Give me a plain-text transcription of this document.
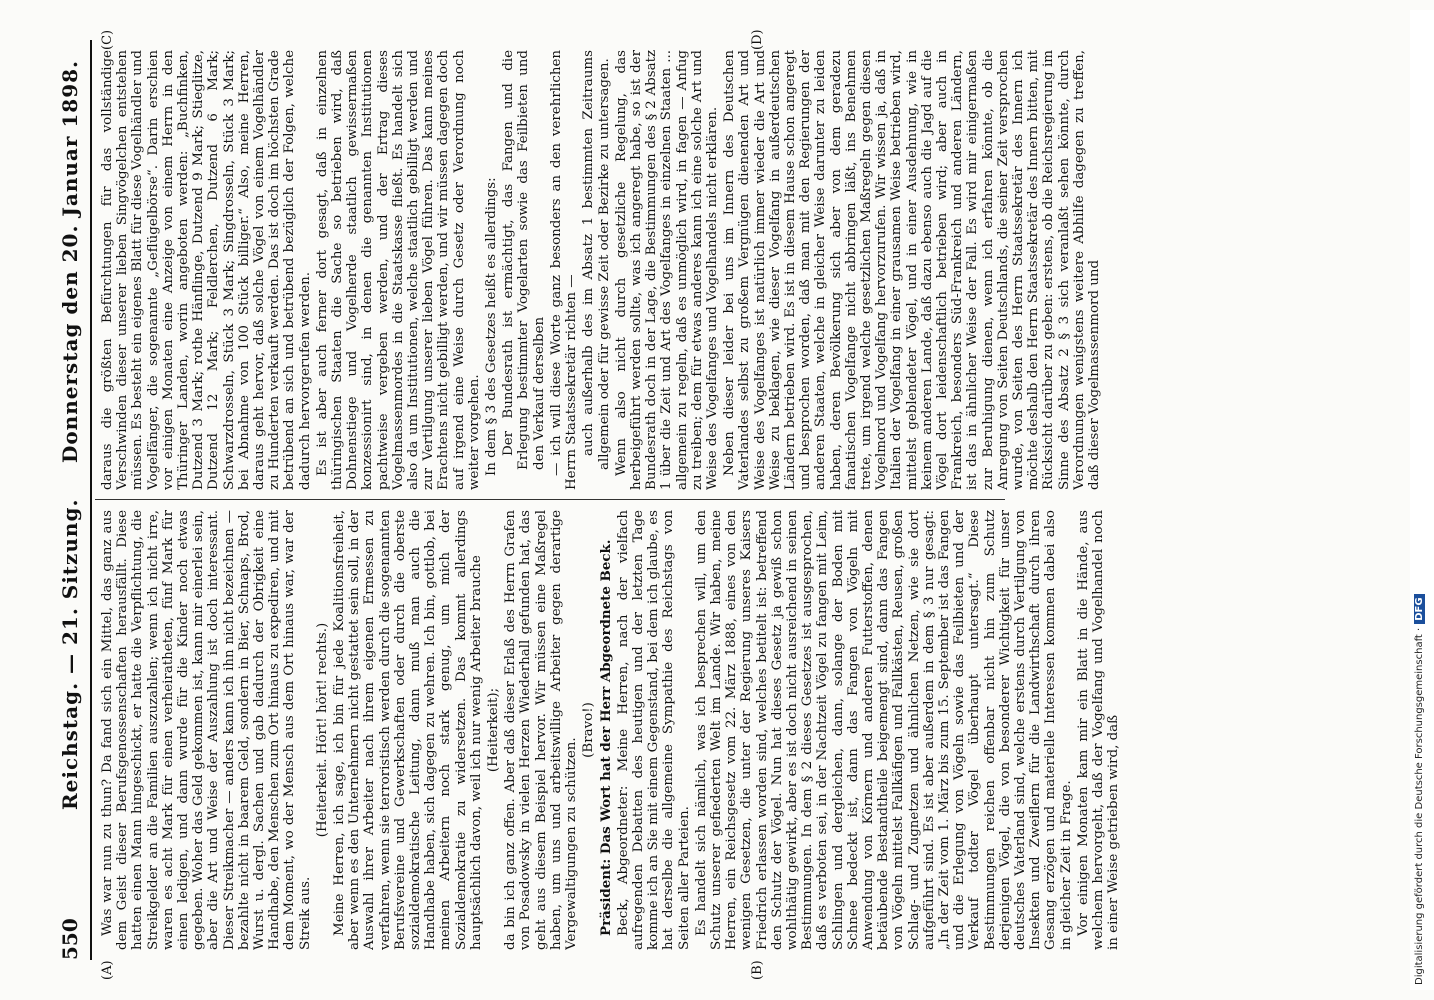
550
Reichstag. — 21. Sitzung.
Donnerstag den 20. Januar 1898.
(A)	(B)
(C)	(D)

Was war nun zu thun? Da fand sich ein Mittel, das ganz aus dem Geist dieser Berufsgenossenschaften herausfällt. Diese hatten einen Mann hingeschickt, er hatte die Verpflichtung, die Streikgelder an die Familien auszuzahlen; wenn ich nicht irre, waren es acht Mark für einen verheiratheten, fünf Mark für einen ledigen, und dann wurde für die Kinder noch etwas gegeben. Woher das Geld gekommen ist, kann mir einerlei sein, aber die Art und Weise der Auszahlung ist doch interessant. Dieser Streikmacher — anders kann ich ihn nicht bezeichnen — bezahlte nicht in baarem Geld, sondern in Bier, Schnaps, Brod, Wurst u. dergl. Sachen und gab dadurch der Obrigkeit eine Handhabe, den Menschen zum Ort hinaus zu expediren, und mit dem Moment, wo der Mensch aus dem Ort hinaus war, war der Streik aus.

(Heiterkeit. Hört! hört! rechts.) Meine Herren, ich sage, ich bin für jede Koalitionsfreiheit, aber wenn es den Unternehmern nicht gestattet sein soll, in der Auswahl ihrer Arbeiter nach ihrem eigenen Ermessen zu verfahren, wenn sie terroristisch werden durch die sogenannten Berufsvereine und Gewerkschaften oder durch die oberste sozialdemokratische Leitung, dann muß man auch die Handhabe haben, sich dagegen zu wehren. Ich bin, gottlob, bei meinen Arbeitern noch stark genug, um mich der Sozialdemokratie zu widersetzen. Das kommt allerdings hauptsächlich davon, weil ich nur wenig Arbeiter brauche (Heiterkeit); da bin ich ganz offen. Aber daß dieser Erlaß des Herrn Grafen von Posadowsky in vielen Herzen Wiederhall gefunden hat, das geht aus diesem Beispiel hervor. Wir müssen eine Maßregel haben, um uns und arbeitswillige Arbeiter gegen derartige Vergewaltigungen zu schützen.

(Bravo!) Präsident: Das Wort hat der Herr Abgeordnete Beck. Beck, Abgeordneter: Meine Herren, nach der vielfach aufregenden Debatten des heutigen und der letzten Tage komme ich an Sie mit einem Gegenstand, bei dem ich glaube, es hat derselbe die allgemeine Sympathie des Reichstags von Seiten aller Parteien. Es handelt sich nämlich, was ich besprechen will, um den Schutz unserer gefiederten Welt im Lande. Wir haben, meine Herren, ein Reichsgesetz vom 22. März 1888, eines von den wenigen Gesetzen, die unter der Regierung unseres Kaisers Friedrich erlassen worden sind, welches betitelt ist: betreffend den Schutz der Vögel. Nun hat dieses Gesetz ja gewiß schon wohlthätig gewirkt, aber es ist doch nicht ausreichend in seinen Bestimmungen. In dem § 2 dieses Gesetzes ist ausgesprochen, daß es verboten sei, in der Nachtzeit Vögel zu fangen mit Leim, Schlingen und dergleichen, dann, solange der Boden mit Schnee bedeckt ist, dann das Fangen von Vögeln mit Anwendung von Körnern und anderen Futterstoffen, denen betäubende Bestandtheile beigemengt sind, dann das Fangen von Vögeln mittelst Fallkäfigen und Fallkästen, Reusen, großen Schlag- und Zugnetzen und ähnlichen Netzen, wie sie dort aufgeführt sind. Es ist aber außerdem in dem § 3 nur gesagt: „In der Zeit vom 1. März bis zum 15. September ist das Fangen und die Erlegung von Vögeln sowie das Feilbieten und der Verkauf todter Vögel überhaupt untersagt.“ Diese Bestimmungen reichen offenbar nicht hin zum Schutz derjenigen Vögel, die von besonderer Wichtigkeit für unser deutsches Vaterland sind, welche erstens durch Vertilgung von Insekten und Zweiflern für die Landwirthschaft durch ihren Gesang erzögen und materielle Interessen kommen dabei also in gleicher Zeit in Frage. Vor einigen Monaten kam mir ein Blatt in die Hände, aus welchem hervorgeht, daß der Vogelfang und Vogelhandel noch in einer Weise getrieben wird, daß

daraus die größten Befürchtungen für das vollständige Verschwinden dieser unserer lieben Singvögelchen entstehen müssen. Es besteht ein eigenes Blatt für diese Vogelhändler und Vogelfänger, die sogenannte „Geflügelbörse“. Darin erschien vor einigen Monaten eine Anzeige von einem Herrn in den Thüringer Landen, worin angeboten werden: „Buchfinken, Dutzend 3 Mark; rothe Hänflinge, Dutzend 9 Mark; Stieglitze, Dutzend 12 Mark; Feldlerchen, Dutzend 6 Mark; Schwarzdrosseln, Stück 3 Mark; Singdrosseln, Stück 3 Mark; bei Abnahme von 100 Stück billiger.“ Also, meine Herren, daraus geht hervor, daß solche Vögel von einem Vogelhändler zu Hunderten verkauft werden. Das ist doch im höchsten Grade betrübend an sich und betrübend bezüglich der Folgen, welche dadurch hervorgerufen werden. Es ist aber auch ferner dort gesagt, daß in einzelnen thüringischen Staaten die Sache so betrieben wird, daß Dohnenstiege und Vogelherde staatlich gewissermaßen konzessionirt sind, in denen die genannten Institutionen pachtweise vergeben werden, und der Ertrag dieses Vogelmassenmordes in die Staatskasse fließt. Es handelt sich also da um Institutionen, welche staatlich gebilligt werden und zur Vertilgung unserer lieben Vögel führen. Das kann meines Erachtens nicht gebilligt werden, und wir müssen dagegen doch auf irgend eine Weise durch Gesetz oder Verordnung noch weiter vorgehen. In dem § 3 des Gesetzes heißt es allerdings: Der Bundesrath ist ermächtigt, das Fangen und die Erlegung bestimmter Vogelarten sowie das Feilbieten und den Verkauf derselben — ich will diese Worte ganz besonders an den verehrlichen Herrn Staatssekretär richten — auch außerhalb des im Absatz 1 bestimmten Zeitraums allgemein oder für gewisse Zeit oder Bezirke zu untersagen. Wenn also nicht durch gesetzliche Regelung, das herbeigeführt werden sollte, was ich angeregt habe, so ist der Bundesrath doch in der Lage, die Bestimmungen des § 2 Absatz 1 über die Zeit und Art des Vogelfanges in einzelnen Staaten ... allgemein zu regeln, daß es unmöglich wird, in fagen — Anfug zu treiben; dem für etwas anderes kann ich eine solche Art und Weise des Vogelfanges und Vogelhandels nicht erklären. Neben dieser leider bei uns im Innern des Deutschen Vaterlandes selbst zu großem Vergnügen dienenden Art und Weise des Vogelfanges ist natürlich immer wieder die Art und Weise zu beklagen, wie dieser Vogelfang in außerdeutschen Ländern betrieben wird. Es ist in diesem Hause schon angeregt und besprochen worden, daß man mit den Regierungen der anderen Staaten, welche in gleicher Weise darunter zu leiden haben, deren Bevölkerung sich aber von dem geradezu fanatischen Vogelfange nicht abbringen läßt, ins Benehmen trete, um irgend welche gesetzlichen Maßregeln gegen diesen Vogelmord und Vogelfang hervorzurufen. Wir wissen ja, daß in Italien der Vogelfang in einer grausamen Weise betrieben wird, mittelst geblendeter Vögel, und in einer Ausdehnung, wie in keinem anderen Lande, daß dazu ebenso auch die Jagd auf die Vögel dort leidenschaftlich betrieben wird; aber auch in Frankreich, besonders Süd-Frankreich und anderen Ländern, ist das in ähnlicher Weise der Fall. Es wird mir einigermaßen zur Beruhigung dienen, wenn ich erfahren könnte, ob die Anregung von Seiten Deutschlands, die seiner Zeit versprochen wurde, von Seiten des Herrn Staatssekretär des Innern ich möchte deshalb den Herrn Staatssekretär des Innern bitten, mit Rücksicht darüber zu geben: erstens, ob die Reichsregierung im Sinne des Absatz 2 § 3 sich veranlaßt sehen könnte, durch Verordnungen wenigstens weitere Abhilfe dagegen zu treffen, daß dieser Vogelmassenmord und

Digitalisierung gefördert durch die Deutsche Forschungsgemeinschaft ·DFG
